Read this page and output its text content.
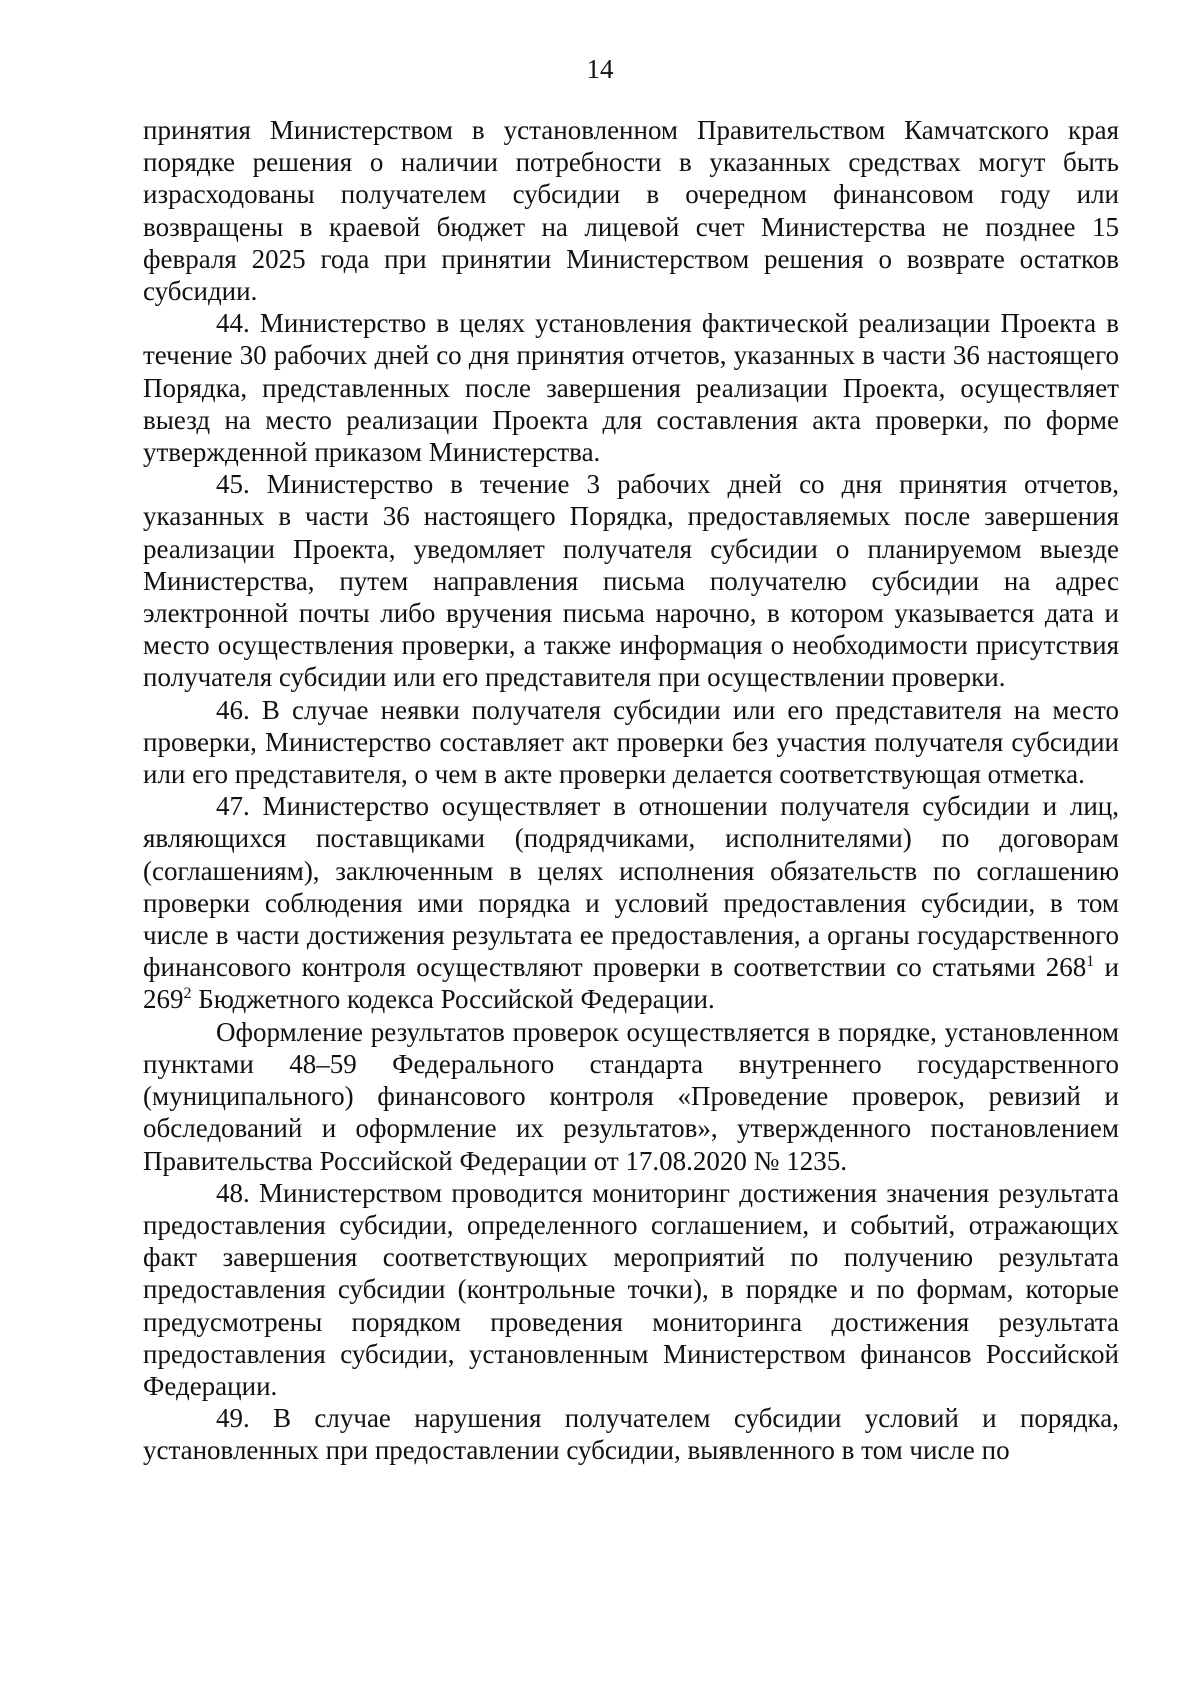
14

принятия Министерством в установленном Правительством Камчатского края порядке решения о наличии потребности в указанных средствах могут быть израсходованы получателем субсидии в очередном финансовом году или возвращены в краевой бюджет на лицевой счет Министерства не позднее 15 февраля 2025 года при принятии Министерством решения о возврате остатков субсидии.

44. Министерство в целях установления фактической реализации Проекта в течение 30 рабочих дней со дня принятия отчетов, указанных в части 36 настоящего Порядка, представленных после завершения реализации Проекта, осуществляет выезд на место реализации Проекта для составления акта проверки, по форме утвержденной приказом Министерства.

45. Министерство в течение 3 рабочих дней со дня принятия отчетов, указанных в части 36 настоящего Порядка, предоставляемых после завершения реализации Проекта, уведомляет получателя субсидии о планируемом выезде Министерства, путем направления письма получателю субсидии на адрес электронной почты либо вручения письма нарочно, в котором указывается дата и место осуществления проверки, а также информация о необходимости присутствия получателя субсидии или его представителя при осуществлении проверки.

46. В случае неявки получателя субсидии или его представителя на место проверки, Министерство составляет акт проверки без участия получателя субсидии или его представителя, о чем в акте проверки делается соответствующая отметка.

47. Министерство осуществляет в отношении получателя субсидии и лиц, являющихся поставщиками (подрядчиками, исполнителями) по договорам (соглашениям), заключенным в целях исполнения обязательств по соглашению проверки соблюдения ими порядка и условий предоставления субсидии, в том числе в части достижения результата ее предоставления, а органы государственного финансового контроля осуществляют проверки в соответствии со статьями $268^1$ и $269^2$ Бюджетного кодекса Российской Федерации.

Оформление результатов проверок осуществляется в порядке, установленном пунктами 48–59 Федерального стандарта внутреннего государственного (муниципального) финансового контроля «Проведение проверок, ревизий и обследований и оформление их результатов», утвержденного постановлением Правительства Российской Федерации от 17.08.2020 № 1235.

48. Министерством проводится мониторинг достижения значения результата предоставления субсидии, определенного соглашением, и событий, отражающих факт завершения соответствующих мероприятий по получению результата предоставления субсидии (контрольные точки), в порядке и по формам, которые предусмотрены порядком проведения мониторинга достижения результата предоставления субсидии, установленным Министерством финансов Российской Федерации.

49. В случае нарушения получателем субсидии условий и порядка, установленных при предоставлении субсидии, выявленного в том числе по
